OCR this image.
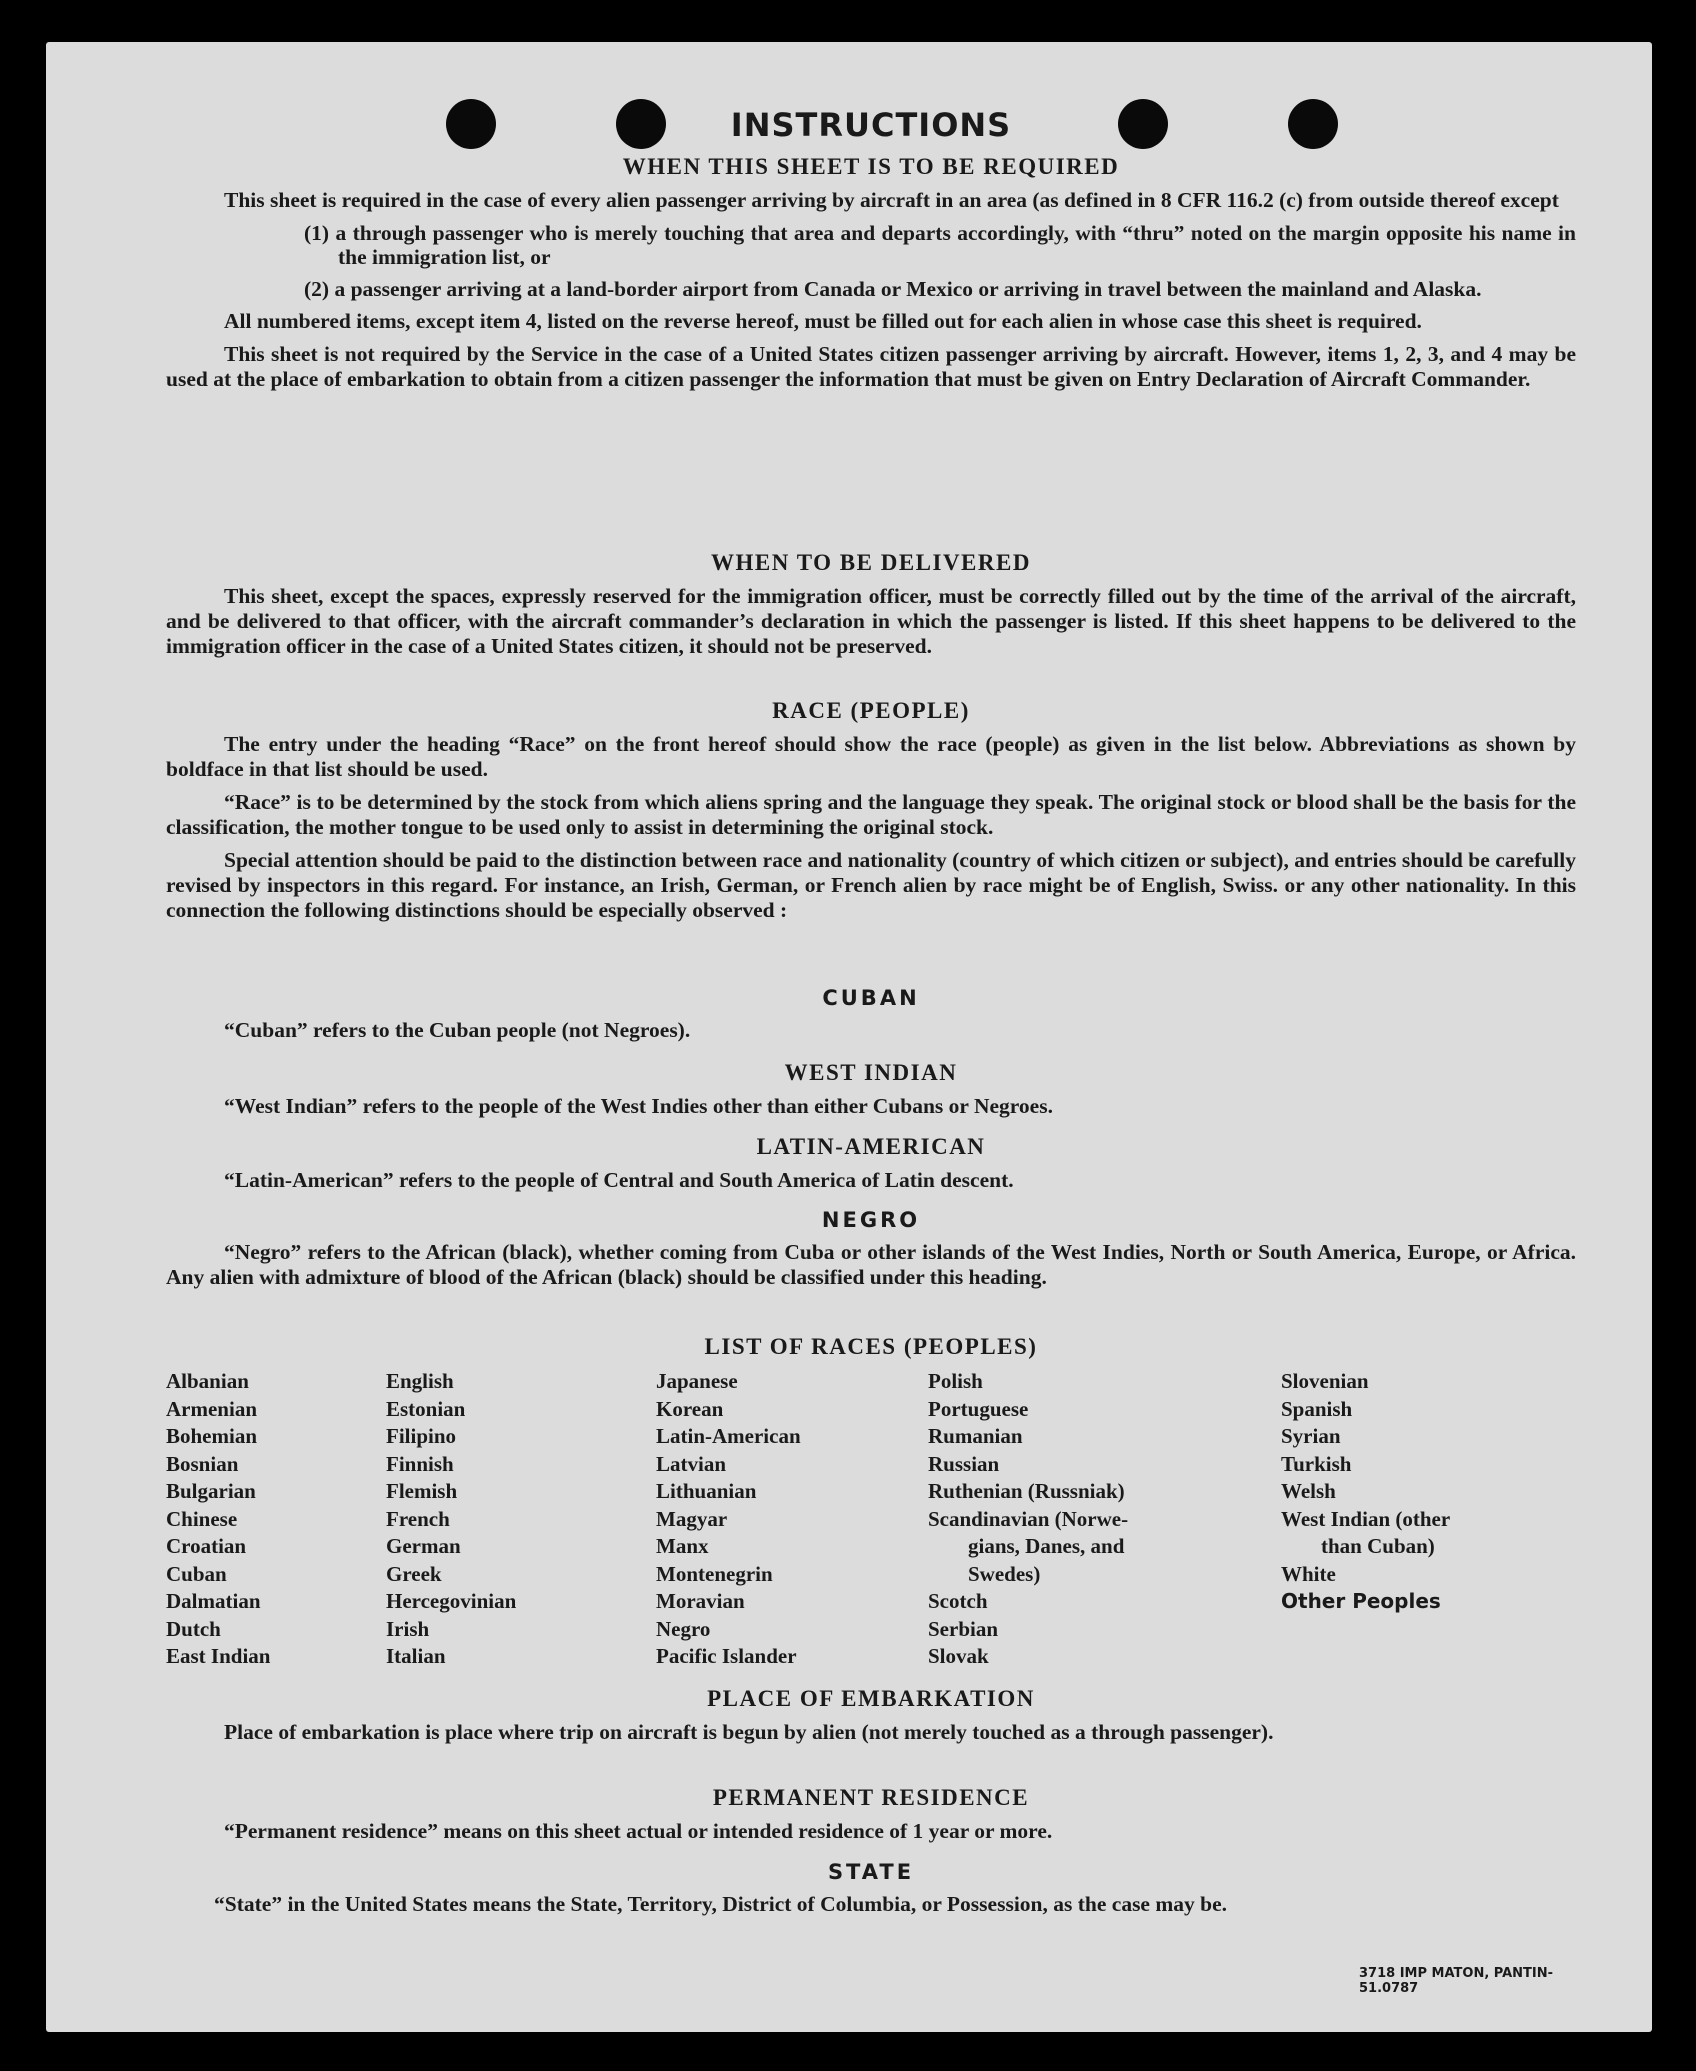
INSTRUCTIONS

WHEN THIS SHEET IS TO BE REQUIRED

This sheet is required in the case of every alien passenger arriving by aircraft in an area (as defined in 8 CFR 116.2 (c) from outside thereof except

(1) a through passenger who is merely touching that area and departs accordingly, with “thru” noted on the margin opposite his name in the immigration list, or

(2) a passenger arriving at a land-border airport from Canada or Mexico or arriving in travel between the mainland and Alaska.

All numbered items, except item 4, listed on the reverse hereof, must be filled out for each alien in whose case this sheet is required.

This sheet is not required by the Service in the case of a United States citizen passenger arriving by aircraft. However, items 1, 2, 3, and 4 may be used at the place of embarkation to obtain from a citizen passenger the information that must be given on Entry Declaration of Aircraft Commander.

WHEN TO BE DELIVERED

This sheet, except the spaces, expressly reserved for the immigration officer, must be correctly filled out by the time of the arrival of the aircraft, and be delivered to that officer, with the aircraft commander’s declaration in which the passenger is listed. If this sheet happens to be delivered to the immigration officer in the case of a United States citizen, it should not be preserved.

RACE (PEOPLE)

The entry under the heading “Race” on the front hereof should show the race (people) as given in the list below. Abbreviations as shown by boldface in that list should be used.

“Race” is to be determined by the stock from which aliens spring and the language they speak. The original stock or blood shall be the basis for the classification, the mother tongue to be used only to assist in determining the original stock.

Special attention should be paid to the distinction between race and nationality (country of which citizen or subject), and entries should be carefully revised by inspectors in this regard. For instance, an Irish, German, or French alien by race might be of English, Swiss. or any other nationality. In this connection the following distinctions should be especially observed :

CUBAN

“Cuban” refers to the Cuban people (not Negroes).

WEST INDIAN

“West Indian” refers to the people of the West Indies other than either Cubans or Negroes.

LATIN-AMERICAN

“Latin-American” refers to the people of Central and South America of Latin descent.

NEGRO

“Negro” refers to the African (black), whether coming from Cuba or other islands of the West Indies, North or South America, Europe, or Africa. Any alien with admixture of blood of the African (black) should be classified under this heading.

LIST OF RACES (PEOPLES)

Albanian
Armenian
Bohemian
Bosnian
Bulgarian
Chinese
Croatian
Cuban
Dalmatian
Dutch
East Indian
English
Estonian
Filipino
Finnish
Flemish
French
German
Greek
Hercegovinian
Irish
Italian
Japanese
Korean
Latin-American
Latvian
Lithuanian
Magyar
Manx
Montenegrin
Moravian
Negro
Pacific Islander
Polish
Portuguese
Rumanian
Russian
Ruthenian (Russniak)
Scandinavian (Norwe-
gians, Danes, and
Swedes)
Scotch
Serbian
Slovak
Slovenian
Spanish
Syrian
Turkish
Welsh
West Indian (other
than Cuban)
White
Other Peoples

PLACE OF EMBARKATION

Place of embarkation is place where trip on aircraft is begun by alien (not merely touched as a through passenger).

PERMANENT RESIDENCE

“Permanent residence” means on this sheet actual or intended residence of 1 year or more.

STATE

“State” in the United States means the State, Territory, District of Columbia, or Possession, as the case may be.

3718 IMP MATON, PANTIN-51.0787
